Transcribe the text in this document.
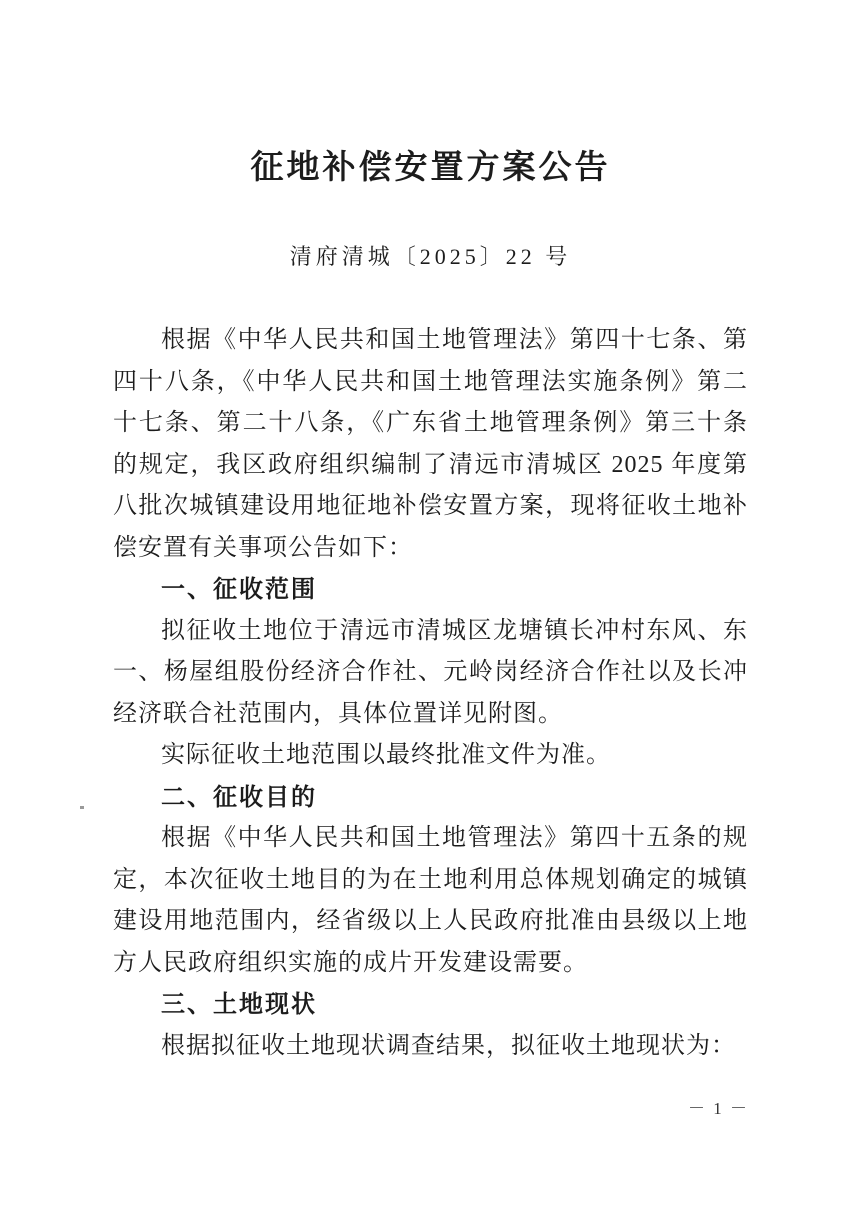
征地补偿安置方案公告
清府清城〔2025〕22 号

根据《中华人民共和国土地管理法》第四十七条、第四十八条，《中华人民共和国土地管理法实施条例》第二十七条、第二十八条，《广东省土地管理条例》第三十条的规定，我区政府组织编制了清远市清城区 2025 年度第八批次城镇建设用地征地补偿安置方案，现将征收土地补偿安置有关事项公告如下：

一、征收范围

拟征收土地位于清远市清城区龙塘镇长冲村东风、东一、杨屋组股份经济合作社、元岭岗经济合作社以及长冲经济联合社范围内，具体位置详见附图。

实际征收土地范围以最终批准文件为准。

二、征收目的

根据《中华人民共和国土地管理法》第四十五条的规定，本次征收土地目的为在土地利用总体规划确定的城镇建设用地范围内，经省级以上人民政府批准由县级以上地方人民政府组织实施的成片开发建设需要。

三、土地现状

根据拟征收土地现状调查结果，拟征收土地现状为：

－ 1 －
